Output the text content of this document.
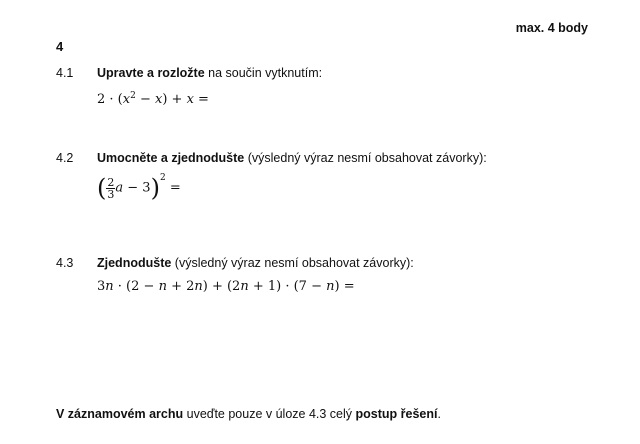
max. 4 body
4
4.1 Upravte a rozložte na součin vytknutím:
$2 \cdot (x^2 - x) + x$ =
4.2 Umocněte a zjednodušte (výsledný výraz nesmí obsahovat závorky):
( $\frac{2}{3}$ a − 3)$^2$ =
4.3 Zjednodušte (výsledný výraz nesmí obsahovat závorky):
3n · (2 − n + 2n) + (2n + 1) · (7 − n) =
V záznamovém archu uveďte pouze v úloze 4.3 celý postup řešení.
